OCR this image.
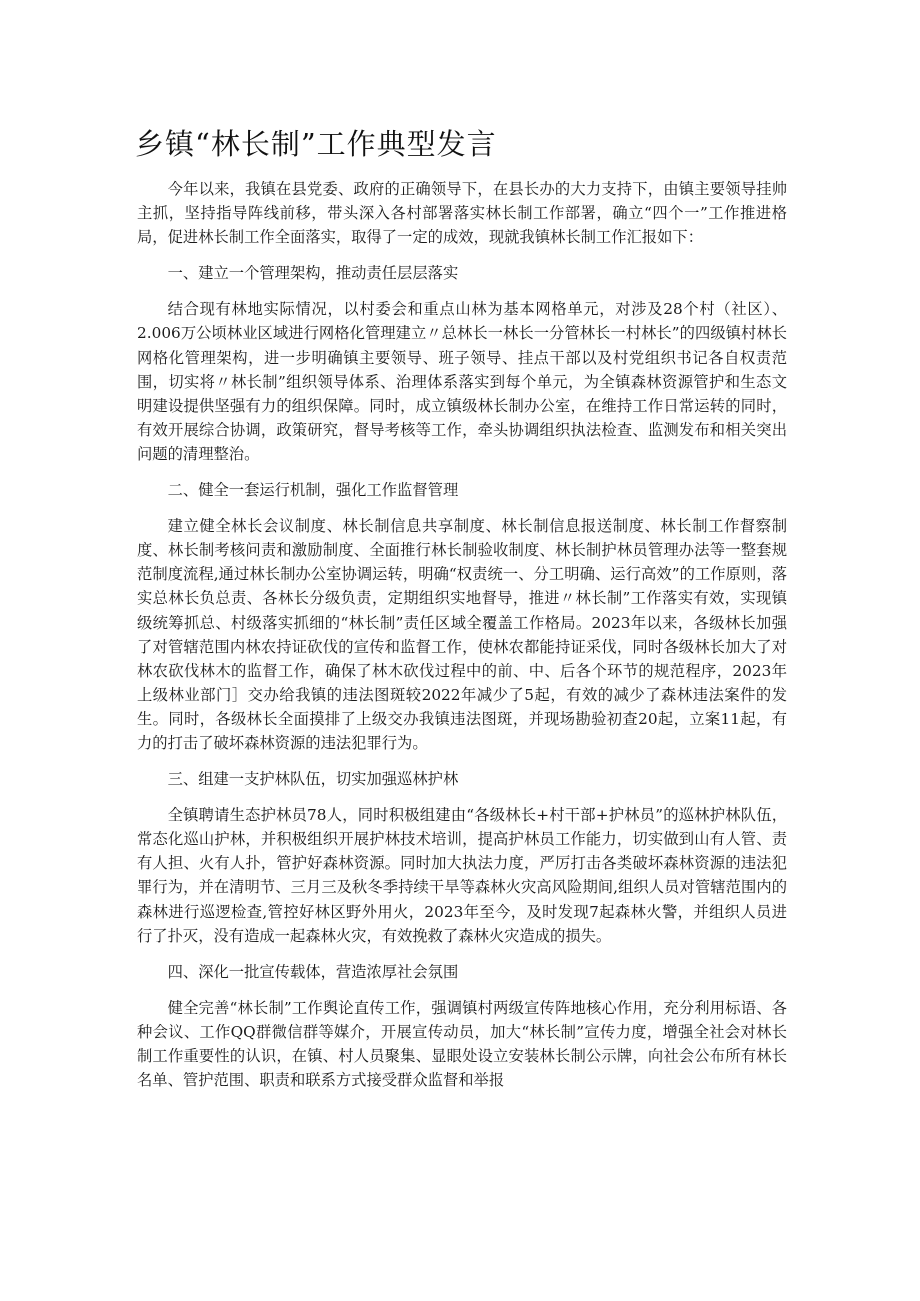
乡镇“林长制”工作典型发言

今年以来，我镇在县党委、政府的正确领导下，在县长办的大力支持下，由镇主要领导挂帅主抓，坚持指导阵线前移，带头深入各村部署落实林长制工作部署，确立“四个一”工作推进格局，促进林长制工作全面落实，取得了一定的成效，现就我镇林长制工作汇报如下：

一、建立一个管理架构，推动责任层层落实

结合现有林地实际情况，以村委会和重点山林为基本网格单元，对涉及28个村（社区）、2.006万公顷林业区域进行网格化管理建立〃总林长一林长一分管林长一村林长”的四级镇村林长网格化管理架构，进一步明确镇主要领导、班子领导、挂点干部以及村党组织书记各自权责范围，切实将〃林长制”组织领导体系、治理体系落实到每个单元，为全镇森林资源管护和生态文明建设提供坚强有力的组织保障。同时，成立镇级林长制办公室，在维持工作日常运转的同时，有效开展综合协调，政策研究，督导考核等工作，牵头协调组织执法检查、监测发布和相关突出问题的清理整治。

二、健全一套运行机制，强化工作监督管理

建立健全林长会议制度、林长制信息共享制度、林长制信息报送制度、林长制工作督察制度、林长制考核问责和激励制度、全面推行林长制验收制度、林长制护林员管理办法等一整套规范制度流程,通过林长制办公室协调运转，明确“权责统一、分工明确、运行高效”的工作原则，落实总林长负总责、各林长分级负责，定期组织实地督导，推进〃林长制”工作落实有效，实现镇级统筹抓总、村级落实抓细的“林长制”责任区域全覆盖工作格局。2023年以来，各级林长加强了对管辖范围内林农持证砍伐的宣传和监督工作，使林农都能持证采伐，同时各级林长加大了对林农砍伐林木的监督工作，确保了林木砍伐过程中的前、中、后各个环节的规范程序，2023年上级林业部门］交办给我镇的违法图斑较2022年减少了5起，有效的减少了森林违法案件的发生。同时，各级林长全面摸排了上级交办我镇违法图斑，并现场勘验初查20起，立案11起，有力的打击了破坏森林资源的违法犯罪行为。

三、组建一支护林队伍，切实加强巡林护林

全镇聘请生态护林员78人，同时积极组建由“各级林长+村干部+护林员”的巡林护林队伍，常态化巡山护林，并积极组织开展护林技术培训，提高护林员工作能力，切实做到山有人管、责有人担、火有人扑，管护好森林资源。同时加大执法力度，严厉打击各类破坏森林资源的违法犯罪行为，并在清明节、三月三及秋冬季持续干旱等森林火灾高风险期间,组织人员对管辖范围内的森林进行巡逻检查,管控好林区野外用火，2023年至今，及时发现7起森林火警，并组织人员进行了扑灭，没有造成一起森林火灾，有效挽救了森林火灾造成的损失。

四、深化一批宣传载体，营造浓厚社会氛围

健全完善“林长制”工作舆论直传工作，强调镇村两级宣传阵地核心作用，充分利用标语、各种会议、工作QQ群微信群等媒介，开展宣传动员，加大“林长制”宣传力度，增强全社会对林长制工作重要性的认识，在镇、村人员聚集、显眼处设立安装林长制公示牌，向社会公布所有林长名单、管护范围、职责和联系方式接受群众监督和举报
